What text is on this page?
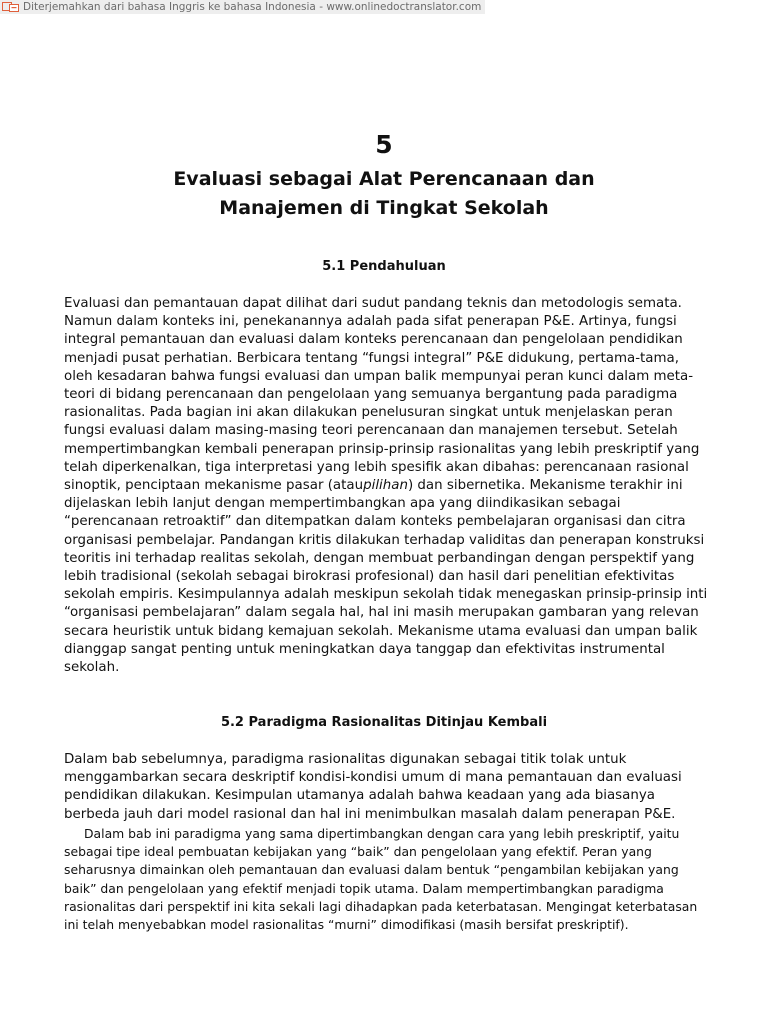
Diterjemahkan dari bahasa Inggris ke bahasa Indonesia - www.onlinedoctranslator.com
5
Evaluasi sebagai Alat Perencanaan dan
Manajemen di Tingkat Sekolah
5.1 Pendahuluan

Evaluasi dan pemantauan dapat dilihat dari sudut pandang teknis dan metodologis semata. Namun dalam konteks ini, penekanannya adalah pada sifat penerapan P&E. Artinya, fungsi integral pemantauan dan evaluasi dalam konteks perencanaan dan pengelolaan pendidikan menjadi pusat perhatian. Berbicara tentang “fungsi integral” P&E didukung, pertama-tama, oleh kesadaran bahwa fungsi evaluasi dan umpan balik mempunyai peran kunci dalam meta-teori di bidang perencanaan dan pengelolaan yang semuanya bergantung pada paradigma rasionalitas. Pada bagian ini akan dilakukan penelusuran singkat untuk menjelaskan peran fungsi evaluasi dalam masing-masing teori perencanaan dan manajemen tersebut. Setelah mempertimbangkan kembali penerapan prinsip-prinsip rasionalitas yang lebih preskriptif yang telah diperkenalkan, tiga interpretasi yang lebih spesifik akan dibahas: perencanaan rasional sinoptik, penciptaan mekanisme pasar (ataupilihan) dan sibernetika. Mekanisme terakhir ini dijelaskan lebih lanjut dengan mempertimbangkan apa yang diindikasikan sebagai “perencanaan retroaktif” dan ditempatkan dalam konteks pembelajaran organisasi dan citra organisasi pembelajar. Pandangan kritis dilakukan terhadap validitas dan penerapan konstruksi teoritis ini terhadap realitas sekolah, dengan membuat perbandingan dengan perspektif yang lebih tradisional (sekolah sebagai birokrasi profesional) dan hasil dari penelitian efektivitas sekolah empiris. Kesimpulannya adalah meskipun sekolah tidak menegaskan prinsip-prinsip inti “organisasi pembelajaran” dalam segala hal, hal ini masih merupakan gambaran yang relevan secara heuristik untuk bidang kemajuan sekolah. Mekanisme utama evaluasi dan umpan balik dianggap sangat penting untuk meningkatkan daya tanggap dan efektivitas instrumental sekolah.

5.2 Paradigma Rasionalitas Ditinjau Kembali

Dalam bab sebelumnya, paradigma rasionalitas digunakan sebagai titik tolak untuk menggambarkan secara deskriptif kondisi-kondisi umum di mana pemantauan dan evaluasi pendidikan dilakukan. Kesimpulan utamanya adalah bahwa keadaan yang ada biasanya berbeda jauh dari model rasional dan hal ini menimbulkan masalah dalam penerapan P&E.

Dalam bab ini paradigma yang sama dipertimbangkan dengan cara yang lebih preskriptif, yaitu sebagai tipe ideal pembuatan kebijakan yang “baik” dan pengelolaan yang efektif. Peran yang seharusnya dimainkan oleh pemantauan dan evaluasi dalam bentuk “pengambilan kebijakan yang baik” dan pengelolaan yang efektif menjadi topik utama. Dalam mempertimbangkan paradigma rasionalitas dari perspektif ini kita sekali lagi dihadapkan pada keterbatasan. Mengingat keterbatasan ini telah menyebabkan model rasionalitas “murni” dimodifikasi (masih bersifat preskriptif).
